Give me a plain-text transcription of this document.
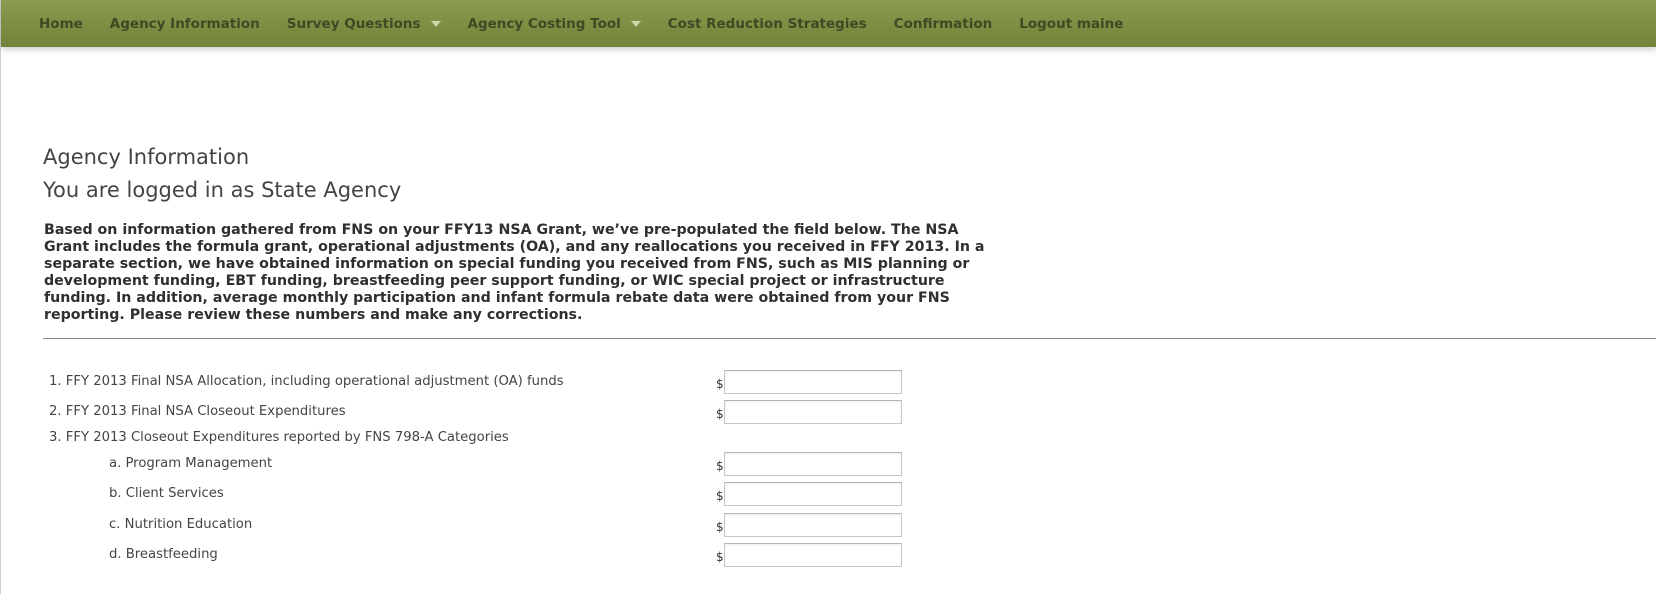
Home Agency Information Survey Questions	Agency Costing Tool	Cost Reduction Strategies Confirmation Logout maine
Agency Information
You are logged in as State Agency

Based on information gathered from FNS on your FFY13 NSA Grant, we’ve pre-populated the field below. The NSA Grant includes the formula grant, operational adjustments (OA), and any reallocations you received in FFY 2013. In a separate section, we have obtained information on special funding you received from FNS, such as MIS planning or development funding, EBT funding, breastfeeding peer support funding, or WIC special project or infrastructure funding. In addition, average monthly participation and infant formula rebate data were obtained from your FNS reporting. Please review these numbers and make any corrections.

1. FFY 2013 Final NSA Allocation, including operational adjustment (OA) funds	$
2. FFY 2013 Final NSA Closeout Expenditures	$
3. FFY 2013 Closeout Expenditures reported by FNS 798-A Categories
a. Program Management	$
b. Client Services	$
c. Nutrition Education	$
d. Breastfeeding	$
